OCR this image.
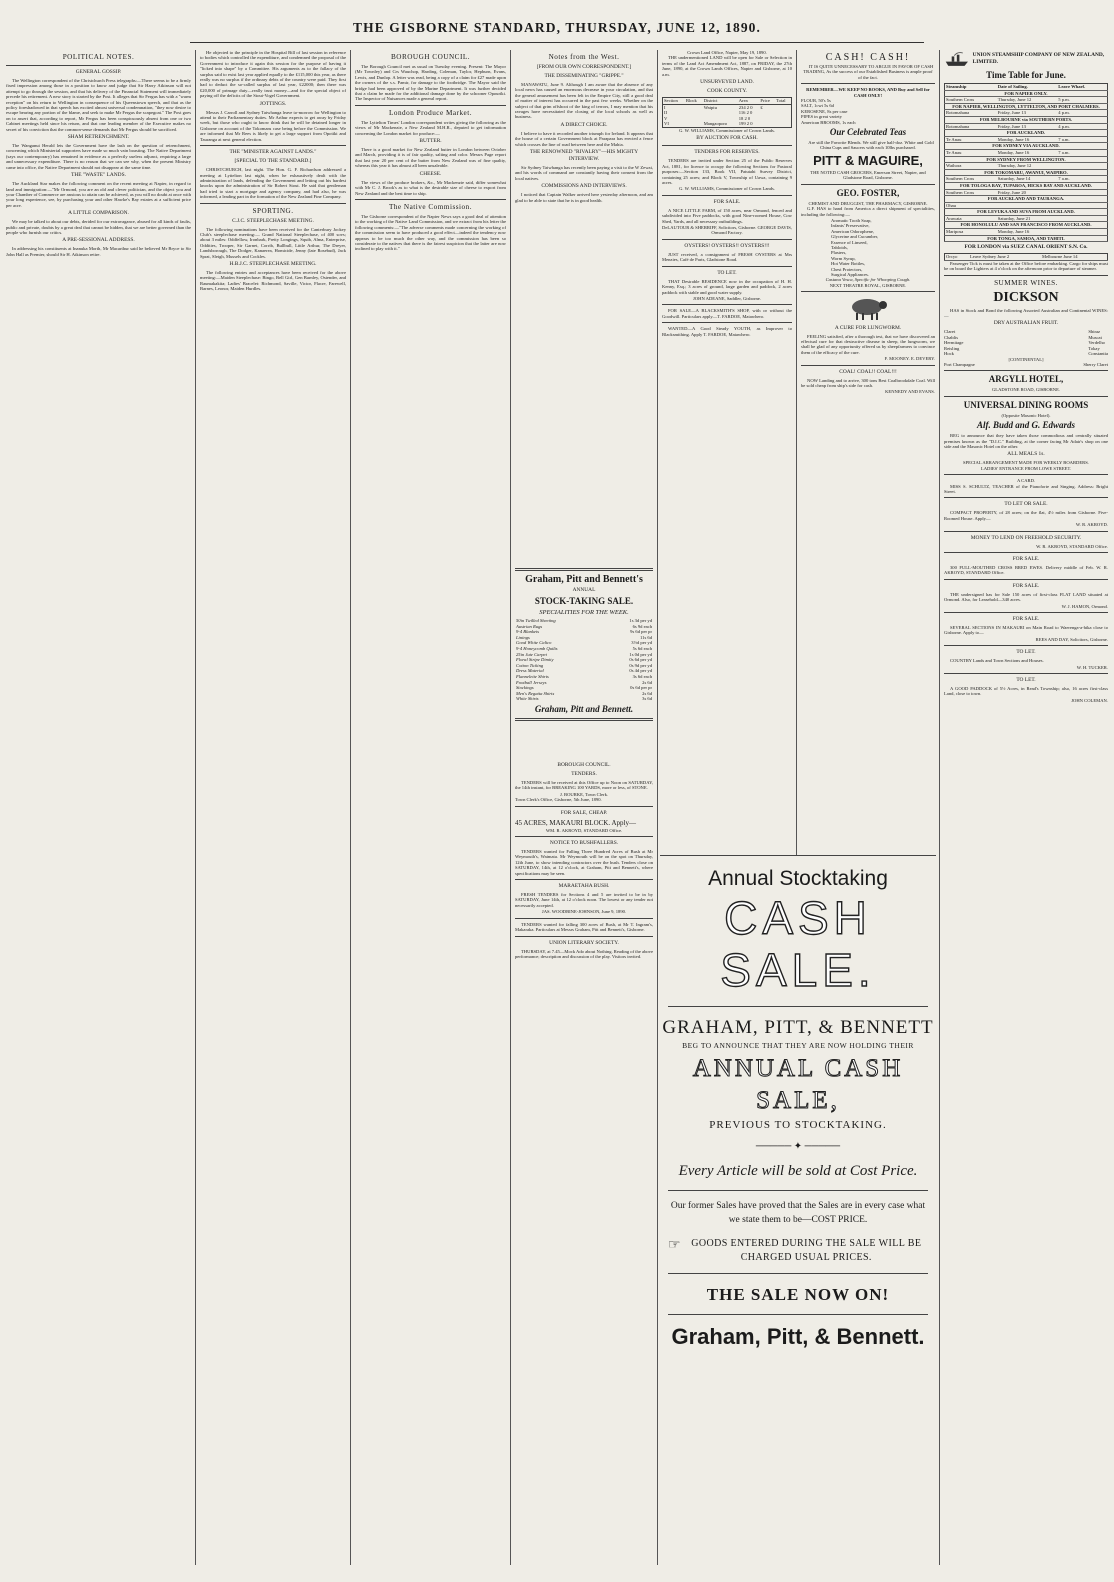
THE GISBORNE STANDARD, THURSDAY, JUNE 12, 1890.
POLITICAL NOTES.
GENERAL GOSSIP.

The Wellington correspondent of the Christchurch Press telegraphs:—There seems to be a firmly fixed impression among those in a position to know and judge that Sir Harry Atkinson will not attempt to go through the session, and that his delivery of the Financial Statement will immediately precede his retirement. A new story is started by the Post. It alleges that Sir Fergus has with a "warm reception" on his return to Wellington in consequence of his Queenstown speech, and that as the policy foreshadowed in that speech has excited almost universal condemnation, "they now desire to escape bearing any portion of the blame, and seek to make Mr Fergus the scapegoat." The Post goes on to assert that, according to report, Mr Fergus has been conspicuously absent from one or two Cabinet meetings held since his return, and that one leading member of the Executive makes no secret of his conviction that the common-sense demands that Mr Fergus should be sacrificed.

SHAM RETRENCHMENT.

The Wanganui Herald lets the Government have the lash on the question of retrenchment, concerning which Ministerial supporters have made so much vain boasting. The Native Department (says our contemporary) has remained in evidence as a perfectly useless adjunct, requiring a large and unnecessary expenditure. There is no reason that we can see why, when the present Ministry came into office, the Native Department should not disappear at the same time.

THE "WASTE" LANDS.

The Auckland Star makes the following comment on the recent meeting at Napier, in regard to land and immigration:—"Mr Ormond, you are an old and clever politician, and the object you and your Chamber of Commerce are anxious to attain can be achieved, as you will no doubt at once with your long experience, see, by purchasing your and other Hawke's Bay estates at a sufficient price per acre.

A LITTLE COMPARISON.

We may be talked to about our debts, derided for our extravagance, abused for all kinds of faults, public and private, doubts by a great deal that cannot be hidden, that we are better governed than the people who furnish our critics.

A PRE-SESSIONAL ADDRESS.

In addressing his constituents at Inanuka Morth, Mr Macarthur said he believed Mr Bryce to Sir John Hall as Premier, should Sir H. Atkinson retire.

He objected to the principle in the Hospital Bill of last session in reference to bodies which controlled the expenditure, and condemned the proposal of the Government to introduce it again this session for the purpose of having it "licked into shape" by a Committee. His arguments as to the fallacy of the surplus said to exist last year applied equally to the £115,000 this year, as there really was no surplus if the ordinary debts of the country were paid. They first had to deduct the so-called surplus of last year, £22000; then there was £20,000 of primage duty—really trust money—and for the special object of paying off the deficits of the Stout-Vogel Government.

JOTTINGS.

Messrs J. Carroll and Sydney Taiwhanga leave to-morrow for Wellington to attend to their Parliamentary duties. Mr Arthur expects to get away by Friday week, but those who ought to know think that he will be detained longer in Gisborne on account of the Tokomaru case being before the Commission. We are informed that Mr Rees is likely to get a large support from Opotiki and Tauranga at next general election.

THE "MINISTER AGAINST LANDS."
[SPECIAL TO THE STANDARD.]

CHRISTCHURCH, last night. The Hon. G. F. Richardson addressed a meeting at Lyttelton last night, when he exhaustively dealt with the administration of lands, defending the Government and letting out his hardest knocks upon the administration of Sir Robert Stout. He said that gentleman had tried to start a mortgage and agency company, and had also, he was informed, a leading part in the formation of the New Zealand Fine Company.

SPORTING.
C.J.C. STEEPLECHASE MEETING.

The following nominations have been received for the Canterbury Jockey Club's steeplechase meeting:— Grand National Steeplechase, of 400 sovs; about 3 miles: Oddfellow, Ironbark, Pretty Longings, Squib, Alma, Enterprise, Oddities, Trooper, Sir Garnet, Corrib, Bullbull, Little Arthur, The Dreyer, Landsborough, The Dodger, Kanaerea, Homicide, Jenny (late Rosebud), Jack Sprat, Sleigh, Mussels and Cockles.

H.B.J.C. STEEPLECHASE MEETING.

The following entries and acceptances have been received for the above meeting:—Maiden Steeplechase: Bingo, Bell Girl, Gen Barnley, Ostender, and Raumakakita; Ladies' Bracelet: Richmond, Saville, Victor, Flacre, Farewell, Barnes, Leonor, Maiden Hurdles.

BOROUGH COUNCIL.

The Borough Council met as usual on Tuesday evening. Present: The Mayor (Mr Townley) and Crs Wauchop, Harding, Coleman, Taylor, Hepburn, Evans, Lewis, and Dunlop. A letter was read, being a copy of a claim for £27 made upon the owners of the s.s. Pamir, for damage to the footbridge. The Mayor said the bridge had been approved of by the Marine Department. It was further decided that a claim be made for the additional damage done by the schooner Opouriki. The Inspector of Nuisances made a general report.

London Produce Market.

The Lyttelton Times' London correspondent writes giving the following as the views of Mr Mackenzie, a New Zealand M.H.R., deputed to get information concerning the London market for produce:—

BUTTER.

There is a good market for New Zealand butter in London between October and March, providing it is of fair quality, salting and color. Messrs Page report that last year 20 per cent of the butter from New Zealand was of fine quality, whereas this year it has almost all been unsaleable.

CHEESE.

The views of the produce brokers, &c., Mr Mackenzie said, differ somewhat with Mr C. J. Brook's as to what is the desirable size of cheese to export from New Zealand and the best time to ship.

The Native Commission.

The Gisborne correspondent of the Napier News says a good deal of attention to the working of the Native Land Commission, and we extract from his letter the following comments:—"The adverse comments made concerning the working of the commission seem to have produced a good effect—indeed the tendency now appears to be too much the other way, and the commission has been so considerate to the natives that there is the fairest suspicion that the latter are now inclined to play with it."

Notes from the West.
[FROM OUR OWN CORRESPONDENT.]
THE DISSEMINATING "GRIPPE."

MANAWATU, June 9. Although I am aware that the absence of any local news has caused an enormous decrease in your circulation, and that the general amusement has been felt in the Empire City, still a good deal of matter of interest has occurred in the past few weeks. Whether on the subject of that grim offshoot of the king of terrors, I may mention that his ravages have necessitated the closing of the local schools as well as business.

A DIRECT CHOICE.

I believe to have it recorded another triumph for Ireland. It appears that the house of a certain Government block at Parapara has erected a fence which crosses the line of road between here and the Mahia.

THE RENOWNED "RIVALRY"—HIS MIGHTY INTERVIEW.

Sir Sydney Taiwhanga has recently been paying a visit to the W Zewai, and his words of command are constantly having their consent from the local natives.

COMMISSIONS AND INTERVIEWS.

I noticed that Captain Walker arrived here yesterday afternoon, and am glad to be able to state that he is in good health.

Graham, Pitt and Bennett's
ANNUAL
STOCK-TAKING SALE.
SPECIALITIES FOR THE WEEK.
50in Twilled Sheeting	1s 3d per yd
Austrian Rugs	6s 9d each
9-4 Blankets	9s 6d per pr
Linings	11s 6d
Good White Calico	3½d per yd
9-4 Honeycomb Quilts	5s 6d each
25in Jute Carpet	1s 0d per yd
Floral Stripe Dimity	0s 6d per yd
Cotton Ticking	0s 9d per yd
Dress Material	0s 4d per yd
Flannelette Shirts	3s 6d each
Football Jerseys	2s 6d
Stockings	0s 6d per pr
Men's Regatta Shirts	2s 6d
White Shirts	3s 6d
Graham, Pitt and Bennett.
BOROUGH COUNCIL.
TENDERS.

TENDERS will be received at this Office up to Noon on SATURDAY, the 14th instant, for BREAKING 100 YARDS, more or less, of STONE.

J. BOURKE, Town Clerk.
Town Clerk's Office, Gisborne, 5th June, 1890.
FOR SALE, CHEAP.
45 ACRES, MAKAURI BLOCK. Apply—
WM. R. AKROYD, STANDARD Office.
NOTICE TO BUSHFALLERS.

TENDERS wanted for Falling Three Hundred Acres of Bush at Mr Weymouth's, Waimata. Mr Weymouth will be on the spot on Thursday, 12th June, to show intending contractors over the bush. Tenders close on SATURDAY, 14th, at 12 o'clock, at Graham, Pitt and Bennett's, where specifications may be seen.

MARAETAHA BUSH.

FRESH TENDERS for Sections 4 and 5 are invited to be in by SATURDAY, June 14th, at 12 o'clock noon. The lowest or any tender not necessarily accepted.

JAS. WOODBINE-JOHNSON, June 9, 1890.

TENDERS wanted for falling 300 acres of Bush, at Mr T. Ingram's, Makaraka. Particulars at Messrs Graham, Pitt and Bennett's, Gisborne.

UNION LITERARY SOCIETY.

THURSDAY, at 7.45—Mock Ado about Nothing. Reading of the above performance; description and discussion of the play. Visitors invited.

Crown Land Office, Napier, May 19, 1890.

THE undermentioned LAND will be open for Sale or Selection in terms of the Land Act Amendment Act, 1887, on FRIDAY, the 27th June, 1890, at the Crown Lands Offices, Napier and Gisborne, at 10 a.m.

UNSURVEYED LAND.
COOK COUNTY.
Section	Block	District	Area	Price	Total
I		Waipiu	234 2 0	£	
II			116 2 0		
V			18 2 0		
VI		Mangaoporo	199 2 0		
G. W. WILLIAMS, Commissioner of Crown Lands.
BY AUCTION FOR CASH.
TENDERS FOR RESERVES.

TENDERS are invited under Section 25 of the Public Reserves Act, 1881, for licence to occupy the following Sections for Pastoral purposes:—Section 133, Book VII, Patutahi Survey District, containing 25 acres; and Block V, Township of Uawa, containing 9 acres.

G. W. WILLIAMS, Commissioner of Crown Lands.
FOR SALE.

A NICE LITTLE FARM, of 150 acres, near Ormond, fenced and subdivided into Five paddocks, with good Nine-roomed House, Cow Shed, Yards, and all necessary outbuildings.

DeLAUTOUR & SHERRIFF, Solicitors, Gisborne. GEORGE DAVIS, Ormond Factory.
OYSTERS! OYSTERS!! OYSTERS!!!

JUST received, a consignment of FRESH OYSTERS at Mrs Menzies, Café de Paris, Gladstone Road.

TO LET.

THAT Desirable RESIDENCE now in the occupation of H. H. Kenny, Esq.; 3 acres of ground, large garden and paddock, 2 acres paddock with stable and good water supply.

JOHN ADEANE, Saddler, Gisborne.

FOR SALE—A BLACKSMITH'S SHOP, with or without the Goodwill. Particulars apply—T. FARDOE, Matawhero.

WANTED—A Good Steady YOUTH, as Improver to Blacksmithing. Apply T. FARDOE, Matawhero.

CASH! CASH!

IT IS QUITE UNNECESSARY TO ARGUE IN FAVOR OF CASH TRADING, As the success of our Established Business is ample proof of the fact.

REMEMBER—WE KEEP NO BOOKS, AND Buy and Sell for CASH ONLY!
FLOUR, 50's 5s
SALT, 1cwt 5s 6d
KEROSENE, 8s per case
PIPES in great variety
American BROOMS, 1s each
Our Celebrated Teas

Are still the Favorite Blends. We still give half-doz. White and Gold China Cups and Saucers with each 10lbs purchased.

PITT & MAGUIRE,
THE NOTED CASH GROCERS, Emerson Street, Napier, and Gladstone Road, Gisborne.
GEO. FOSTER,
CHEMIST AND DRUGGIST, THE PHARMACY, GISBORNE.

G.F. HAS to hand from America a direct shipment of specialities, including the following:—

Aromatic Tooth Soap,
Infants' Preservative,
American Odorophene,
Glycerine and Cucumber,
Essence of Linseed,
Tabloids,
Plasters,
Worm Syrup,
Hot Water Bottles,
Chest Protectors,
Surgical Appliances.
Castana Vesca, Specific for Whooping Cough.
NEXT THEATRE ROYAL, GISBORNE.
A CURE FOR LUNGWORM.

FEELING satisfied, after a thorough test, that we have discovered an effectual cure for that destructive disease in sheep, the lungworm, we shall be glad of any opportunity offered us by sheepfarmers to convince them of the efficacy of the cure.

F. MOONEY. E. DEVERY.
COAL! COAL!! COAL!!!

NOW Landing and to arrive, 300 tons Best Coalbrookdale Coal. Will be sold cheap from ship's side for cash.

KENNEDY AND EVANS.
UNION STEAMSHIP COMPANY OF NEW ZEALAND, LIMITED.
Time Table for June.
Steamship	Date of Sailing.	Leave Wharf.
FOR NAPIER ONLY.		
Southern Cross	Thursday, June 12	5 p.m.
FOR NAPIER, WELLINGTON, LYTTELTON, AND PORT CHALMERS.		
Rotomahana	Friday, June 13	4 p.m.
FOR MELBOURNE via SOUTHERN PORTS.		
Rotomahana	Friday, June 13	4 p.m.
FOR AUCKLAND.		
Te Anau	Monday, June 16	7 a.m.
FOR SYDNEY VIA AUCKLAND.		
Te Anau	Monday, June 16	7 a.m.
FOR SYDNEY FROM WELLINGTON.		
Waihora	Thursday, June 12	
FOR TOKOMARU, AWANUI, WAIPIRO.		
Southern Cross	Saturday, June 14	7 a.m.
FOR TOLOGA BAY, TUPAROA, HICKS BAY AND AUCKLAND.		
Southern Cross	Friday, June 20	
FOR AUCKLAND AND TAURANGA.		
Ohau		
FOR LEVUKA AND SUVA FROM AUCKLAND.		
Arawata	Saturday, June 21	
FOR HONOLULU AND SAN FRANCISCO FROM AUCKLAND.		
Mariposa	Monday, June 16	
FOR TONGA, SAMOA, AND TAHITI.		
FOR LONDON via SUEZ CANAL ORIENT S.N. Co.
Orcyo	Leave Sydney June 2	Melbourne June 14

Passenger Tick ts must be taken at the Office before embarking. Cargo for ships must be on board the Lighters at 4 o'clock on the afternoon prior to departure of steamer.

SUMMER WINES.
DICKSON

HAS in Stock and Bond the following Assorted Australian and Continental WINES:—

DRY AUSTRALIAN FRUIT.
Claret
Chablis
Hermitage
Reisling
Hock
Shiraz
Muscat
Verdelho
Tokay
Constantia
[CONTINENTAL]
Port Champagne	Sherry Claret
ARGYLL HOTEL,
GLADSTONE ROAD, GISBORNE.
UNIVERSAL DINING ROOMS
(Opposite Masonic Hotel).
Alf. Budd and G. Edwards

BEG to announce that they have taken those commodious and centrally situated premises known as the "D.I.C." Building, at the corner facing Mr Adair's shop on one side and the Masonic Hotel on the other.

ALL MEALS 1s.
SPECIAL ARRANGEMENT MADE FOR WEEKLY BOARDERS.
LADIES' ENTRANCE FROM LOWE STREET.
A CARD.

MISS S. SCHULTZ, TEACHER of the Pianoforte and Singing. Address: Bright Street.

TO LET OR SALE.

COMPACT PROPERTY, of 28 acres; on the flat, 4½ miles from Gisborne. Five-Roomed House. Apply—

W. R. AKROYD.
MONEY TO LEND ON FREEHOLD SECURITY.
W. R. AKROYD, STANDARD Office.
FOR SALE.

300 FULL-MOUTHED CROSS BRED EWES. Delivery middle of Feb. W. R. AKROYD, STANDARD Office.

FOR SALE.

THE undersigned has for Sale 150 acres of first-class FLAT LAND situated at Ormond. Also, for Leasehold—340 acres.

W. J. HAMON, Ormond.
FOR SALE.

SEVERAL SECTIONS IN MAKAURI on Main Road to Waerenga-a-hika close to Gisborne. Apply to—

REES AND DAY, Solicitors, Gisborne.
TO LET.

COUNTRY Lands and Town Sections and Houses.

W. H. TUCKER.
TO LET.

A GOOD PADDOCK of 5½ Acres, in Read's Township; also, 16 acres first-class Land, close to town.

JOHN COLEMAN.
Annual Stocktaking
CASH SALE.
GRAHAM, PITT, & BENNETT
BEG TO ANNOUNCE THAT THEY ARE NOW HOLDING THEIR
ANNUAL CASH SALE,
PREVIOUS TO STOCKTAKING.
───── ✦ ─────
Every Article will be sold at Cost Price.
Our former Sales have proved that the Sales are in every case what we state them to be—COST PRICE.
☞	GOODS ENTERED DURING THE SALE WILL BE CHARGED USUAL PRICES.
THE SALE NOW ON!
Graham, Pitt, & Bennett.
